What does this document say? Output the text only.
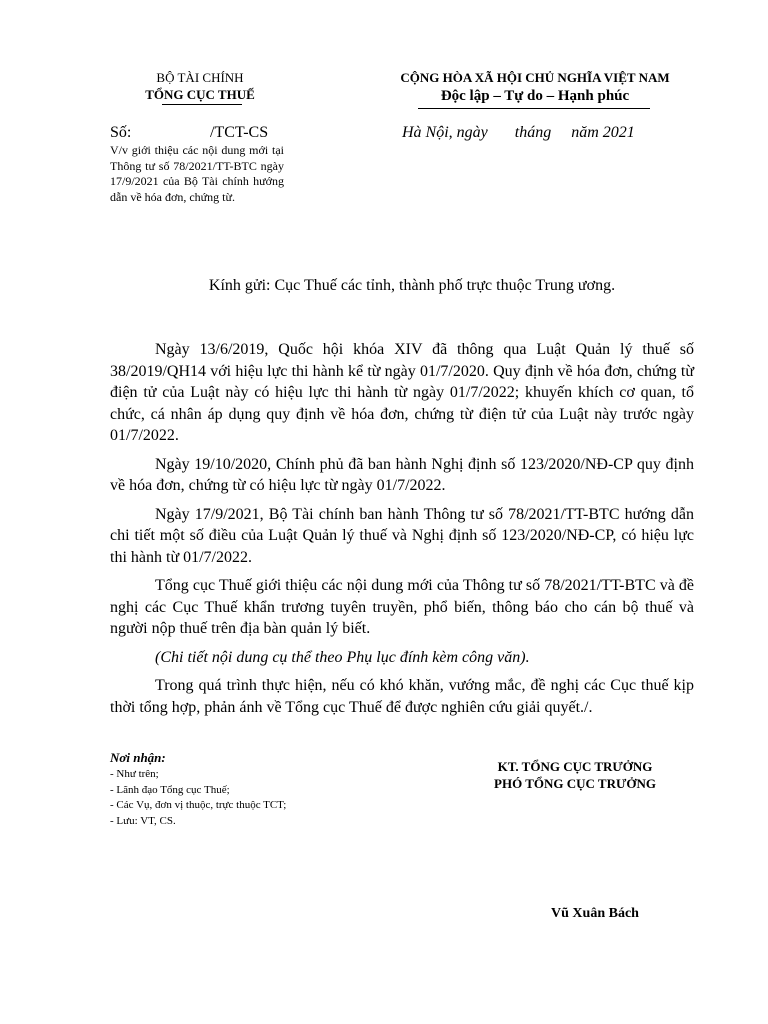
BỘ TÀI CHÍNH
TỔNG CỤC THUẾ
CỘNG HÒA XÃ HỘI CHỦ NGHĨA VIỆT NAM
Độc lập – Tự do – Hạnh phúc
Số:	/TCT-CS	Hà Nội, ngày tháng năm 2021
V/v giới thiệu các nội dung mới tại Thông tư số 78/2021/TT-BTC ngày 17/9/2021 của Bộ Tài chính hướng dẫn về hóa đơn, chứng từ.
Kính gửi: Cục Thuế các tỉnh, thành phố trực thuộc Trung ương.

Ngày 13/6/2019, Quốc hội khóa XIV đã thông qua Luật Quản lý thuế số 38/2019/QH14 với hiệu lực thi hành kể từ ngày 01/7/2020. Quy định về hóa đơn, chứng từ điện tử của Luật này có hiệu lực thi hành từ ngày 01/7/2022; khuyến khích cơ quan, tổ chức, cá nhân áp dụng quy định về hóa đơn, chứng từ điện tử của Luật này trước ngày 01/7/2022.

Ngày 19/10/2020, Chính phủ đã ban hành Nghị định số 123/2020/NĐ-CP quy định về hóa đơn, chứng từ có hiệu lực từ ngày 01/7/2022.

Ngày 17/9/2021, Bộ Tài chính ban hành Thông tư số 78/2021/TT-BTC hướng dẫn chi tiết một số điều của Luật Quản lý thuế và Nghị định số 123/2020/NĐ-CP, có hiệu lực thi hành từ 01/7/2022.

Tổng cục Thuế giới thiệu các nội dung mới của Thông tư số 78/2021/TT-BTC và đề nghị các Cục Thuế khẩn trương tuyên truyền, phổ biến, thông báo cho cán bộ thuế và người nộp thuế trên địa bàn quản lý biết.

(Chi tiết nội dung cụ thể theo Phụ lục đính kèm công văn).

Trong quá trình thực hiện, nếu có khó khăn, vướng mắc, đề nghị các Cục thuế kịp thời tổng hợp, phản ánh về Tổng cục Thuế để được nghiên cứu giải quyết./.

Nơi nhận:
- Như trên;
- Lãnh đạo Tổng cục Thuế;
- Các Vụ, đơn vị thuộc, trực thuộc TCT;
- Lưu: VT, CS.
KT. TỔNG CỤC TRƯỞNG
PHÓ TỔNG CỤC TRƯỞNG
Vũ Xuân Bách
